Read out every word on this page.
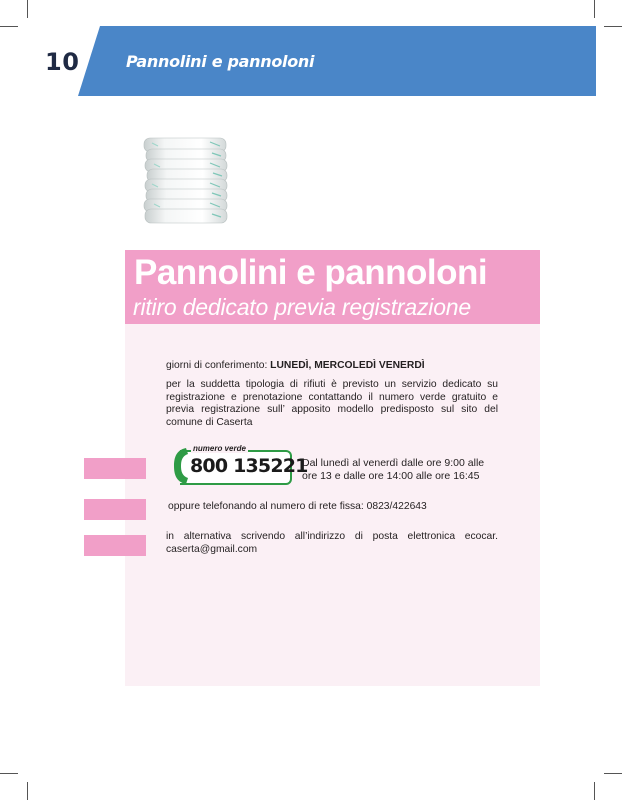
10	Pannolini e pannoloni
Pannolini e pannoloni
ritiro dedicato previa registrazione
giorni di conferimento: LUNEDÌ, MERCOLEDÌ VENERDÌ
per la suddetta tipologia di rifiuti è previsto un servizio dedicato su registrazione e prenotazione contattando il numero verde gratuito e previa registrazione sull’ apposito modello predisposto sul sito del comune di Caserta
numero verde
800 135221
Dal lunedì al venerdì dalle ore 9:00 alle ore 13 e dalle ore 14:00 alle ore 16:45
oppure telefonando al numero di rete fissa: 0823/422643
in alternativa scrivendo all’indirizzo di posta elettronica ecocar. caserta@gmail.com
